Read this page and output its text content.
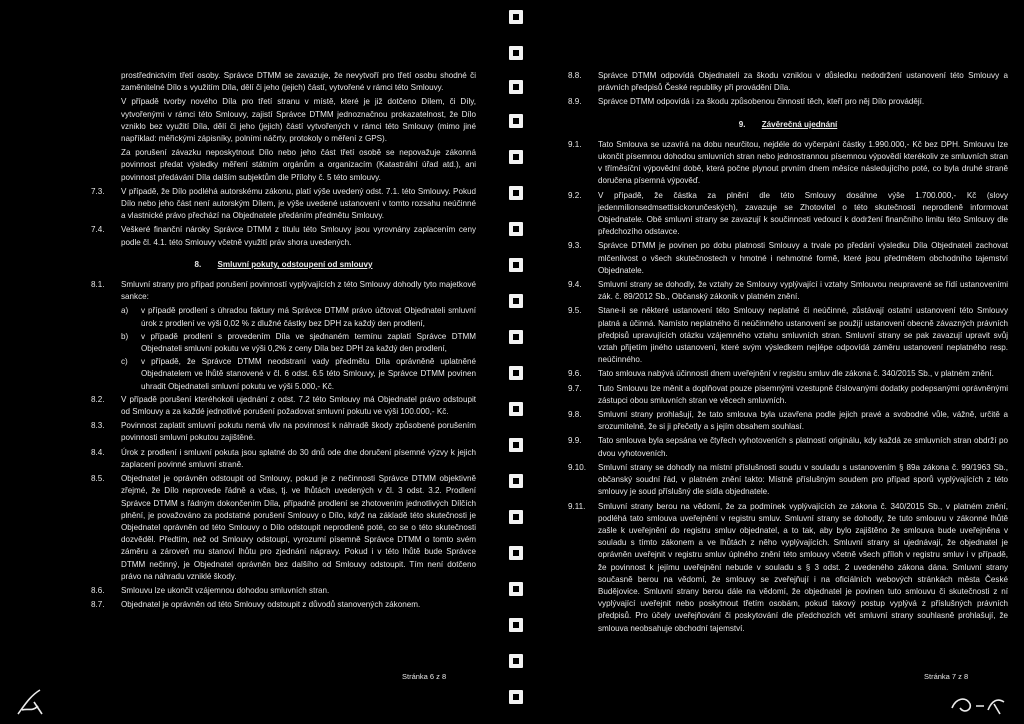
prostřednictvím třetí osoby. Správce DTMM se zavazuje, že nevytvoří pro třetí osobu shodné či zaměnitelné Dílo s využitím Díla, dělí či jeho (jejich) částí, vytvořené v rámci této Smlouvy.
V případě tvorby nového Díla pro třetí stranu v místě, které je již dotčeno Dílem, či Díly, vytvořenými v rámci této Smlouvy, zajistí Správce DTMM jednoznačnou prokazatelnost, že Dílo vzniklo bez využití Díla, dělí či jeho (jejich) částí vytvořených v rámci této Smlouvy (mimo jiné například: měřickými zápisníky, polními náčrty, protokoly o měření z GPS).
Za porušení závazku neposkytnout Dílo nebo jeho část třetí osobě se nepovažuje zákonná povinnost předat výsledky měření státním orgánům a organizacím (Katastrální úřad atd.), ani povinnost předávání Díla dalším subjektům dle Přílohy č. 5 této smlouvy.
7.3.	V případě, že Dílo podléhá autorskému zákonu, platí výše uvedený odst. 7.1. této Smlouvy. Pokud Dílo nebo jeho část není autorským Dílem, je výše uvedené ustanovení v tomto rozsahu neúčinné a vlastnické právo přechází na Objednatele předáním předmětu Smlouvy.
7.4.	Veškeré finanční nároky Správce DTMM z titulu této Smlouvy jsou vyrovnány zaplacením ceny podle čl. 4.1. této Smlouvy včetně využití práv shora uvedených.
8. Smluvní pokuty, odstoupení od smlouvy
8.1.	Smluvní strany pro případ porušení povinností vyplývajících z této Smlouvy dohodly tyto majetkové sankce:
a)	v případě prodlení s úhradou faktury má Správce DTMM právo účtovat Objednateli smluvní úrok z prodlení ve výši 0,02 % z dlužné částky bez DPH za každý den prodlení,
b)	v případě prodlení s provedením Díla ve sjednaném termínu zaplatí Správce DTMM Objednateli smluvní pokutu ve výši 0,2% z ceny Díla bez DPH za každý den prodlení,
c)	v případě, že Správce DTMM neodstraní vady předmětu Díla oprávněně uplatněné Objednatelem ve lhůtě stanovené v čl. 6 odst. 6.5 této Smlouvy, je Správce DTMM povinen uhradit Objednateli smluvní pokutu ve výši 5.000,- Kč.
8.2.	V případě porušení kteréhokoli ujednání z odst. 7.2 této Smlouvy má Objednatel právo odstoupit od Smlouvy a za každé jednotlivé porušení požadovat smluvní pokutu ve výši 100.000,- Kč.
8.3.	Povinnost zaplatit smluvní pokutu nemá vliv na povinnost k náhradě škody způsobené porušením povinnosti smluvní pokutou zajištěné.
8.4.	Úrok z prodlení i smluvní pokuta jsou splatné do 30 dnů ode dne doručení písemné výzvy k jejich zaplacení povinné smluvní straně.
8.5.	Objednatel je oprávněn odstoupit od Smlouvy, pokud je z nečinnosti Správce DTMM objektivně zřejmé, že Dílo neprovede řádně a včas, tj. ve lhůtách uvedených v čl. 3 odst. 3.2. Prodlení Správce DTMM s řádným dokončením Díla, případně prodlení se zhotovením jednotlivých Dílčích plnění, je považováno za podstatné porušení Smlouvy o Dílo, když na základě této skutečnosti je Objednatel oprávněn od této Smlouvy o Dílo odstoupit neprodleně poté, co se o této skutečnosti dozvěděl. Předtím, než od Smlouvy odstoupí, vyrozumí písemně Správce DTMM o tomto svém záměru a zároveň mu stanoví lhůtu pro zjednání nápravy. Pokud i v této lhůtě bude Správce DTMM nečinný, je Objednatel oprávněn bez dalšího od Smlouvy odstoupit. Tím není dotčeno právo na náhradu vzniklé škody.
8.6.	Smlouvu lze ukončit vzájemnou dohodou smluvních stran.
8.7.	Objednatel je oprávněn od této Smlouvy odstoupit z důvodů stanovených zákonem.
Stránka 6 z 8
8.8.	Správce DTMM odpovídá Objednateli za škodu vzniklou v důsledku nedodržení ustanovení této Smlouvy a právních předpisů České republiky při provádění Díla.
8.9.	Správce DTMM odpovídá i za škodu způsobenou činností těch, kteří pro něj Dílo provádějí.
9. Závěrečná ujednání
9.1.	Tato Smlouva se uzavírá na dobu neurčitou, nejdéle do vyčerpání částky 1.990.000,- Kč bez DPH. Smlouvu lze ukončit písemnou dohodou smluvních stran nebo jednostrannou písemnou výpovědí kterékoliv ze smluvních stran v tříměsíční výpovědní době, která počne plynout prvním dnem měsíce následujícího poté, co byla druhé straně doručena písemná výpověď.
9.2.	V případě, že částka za plnění dle této Smlouvy dosáhne výše 1.700.000,- Kč (slovy jedenmilionsedmsettisickorunčeských), zavazuje se Zhotovitel o této skutečnosti neprodleně informovat Objednatele. Obě smluvní strany se zavazují k součinnosti vedoucí k dodržení finančního limitu této Smlouvy dle předchozího odstavce.
9.3.	Správce DTMM je povinen po dobu platnosti Smlouvy a trvale po předání výsledku Díla Objednateli zachovat mlčenlivost o všech skutečnostech v hmotné i nehmotné formě, které jsou předmětem obchodního tajemství Objednatele.
9.4.	Smluvní strany se dohodly, že vztahy ze Smlouvy vyplývající i vztahy Smlouvou neupravené se řídí ustanoveními zák. č. 89/2012 Sb., Občanský zákoník v platném znění.
9.5.	Stane-li se některé ustanovení této Smlouvy neplatné či neúčinné, zůstávají ostatní ustanovení této Smlouvy platná a účinná. Namísto neplatného či neúčinného ustanovení se použijí ustanovení obecně závazných právních předpisů upravujících otázku vzájemného vztahu smluvních stran. Smluvní strany se pak zavazují upravit svůj vztah přijetím jiného ustanovení, které svým výsledkem nejlépe odpovídá záměru ustanovení neplatného resp. neúčinného.
9.6.	Tato smlouva nabývá účinnosti dnem uveřejnění v registru smluv dle zákona č. 340/2015 Sb., v platném znění.
9.7.	Tuto Smlouvu lze měnit a doplňovat pouze písemnými vzestupně číslovanými dodatky podepsanými oprávněnými zástupci obou smluvních stran ve věcech smluvních.
9.8.	Smluvní strany prohlašují, že tato smlouva byla uzavřena podle jejich pravé a svobodné vůle, vážně, určitě a srozumitelně, že si ji přečetly a s jejím obsahem souhlasí.
9.9.	Tato smlouva byla sepsána ve čtyřech vyhotoveních s platností originálu, kdy každá ze smluvních stran obdrží po dvou vyhotoveních.
9.10.	Smluvní strany se dohodly na místní příslušnosti soudu v souladu s ustanovením § 89a zákona č. 99/1963 Sb., občanský soudní řád, v platném znění takto: Místně příslušným soudem pro případ sporů vyplývajících z této smlouvy je soud příslušný dle sídla objednatele.
9.11.	Smluvní strany berou na vědomí, že za podmínek vyplývajících ze zákona č. 340/2015 Sb., v platném znění, podléhá tato smlouva uveřejnění v registru smluv. Smluvní strany se dohodly, že tuto smlouvu v zákonné lhůtě zašle k uveřejnění do registru smluv objednatel, a to tak, aby bylo zajištěno že smlouva bude uveřejněna v souladu s tímto zákonem a ve lhůtách z něho vyplývajících. Smluvní strany si ujednávají, že objednatel je oprávněn uveřejnit v registru smluv úplného znění této smlouvy včetně všech příloh v registru smluv i v případě, že povinnost k jejímu uveřejnění nebude v souladu s § 3 odst. 2 uvedeného zákona dána. Smluvní strany současně berou na vědomí, že smlouvy se zveřejňují i na oficiálních webových stránkách města České Budějovice. Smluvní strany berou dále na vědomí, že objednatel je povinen tuto smlouvu či skutečnosti z ní vyplývající uveřejnit nebo poskytnout třetím osobám, pokud takový postup vyplývá z příslušných právních předpisů. Pro účely uveřejňování či poskytování dle předchozích vět smluvní strany souhlasně prohlašují, že smlouva neobsahuje obchodní tajemství.
Stránka 7 z 8
